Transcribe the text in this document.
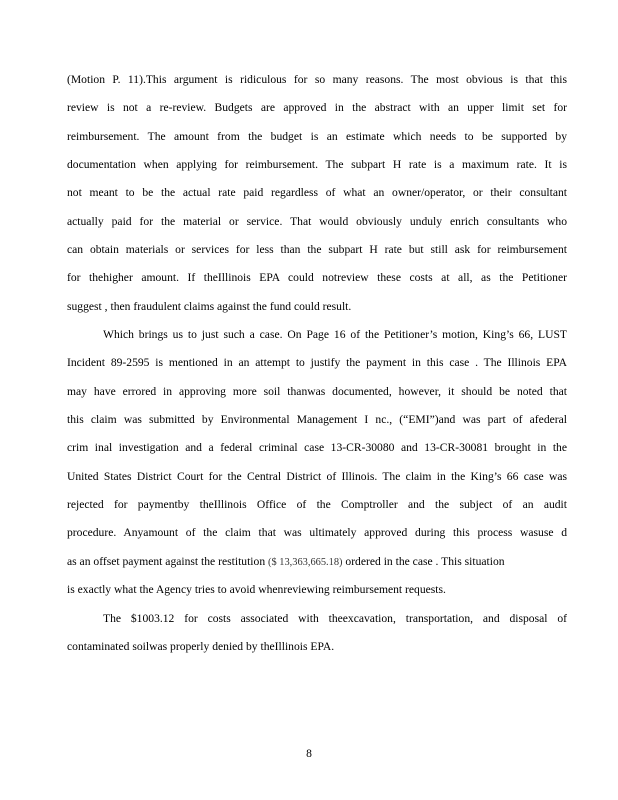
(Motion P. 11).This argument is ridiculous for so many reasons. The most obvious is that this
review is not a re-review. Budgets are approved in the abstract with an upper limit set for
reimbursement. The amount from the budget is an estimate which needs to be supported by
documentation when applying for reimbursement. The subpart H rate is a maximum rate. It is
not meant to be the actual rate paid regardless of what an owner/operator, or their consultant
actually paid for the material or service. That would obviously unduly enrich consultants who
can obtain materials or services for less than the subpart H rate but still ask for reimbursement
for thehigher amount. If theIllinois EPA could notreview these costs at all, as the Petitioner
suggest , then fraudulent claims against the fund could result.
Which brings us to just such a case. On Page 16 of the Petitioner’s motion, King’s 66, LUST
Incident 89-2595 is mentioned in an attempt to justify the payment in this case . The Illinois EPA
may have errored in approving more soil thanwas documented, however, it should be noted that
this claim was submitted by Environmental Management I nc., (“EMI”)and was part of afederal
crim inal investigation and a federal criminal case 13-CR-30080 and 13-CR-30081 brought in the
United States District Court for the Central District of Illinois. The claim in the King’s 66 case was
rejected for paymentby theIllinois Office of the Comptroller and the subject of an audit
procedure. Anyamount of the claim that was ultimately approved during this process wasuse d
as an offset payment against the restitution ($ 13,363,665.18) ordered in the case . This situation
is exactly what the Agency tries to avoid whenreviewing reimbursement requests.
The $1003.12 for costs associated with theexcavation, transportation, and disposal of
contaminated soilwas properly denied by theIllinois EPA.
8
